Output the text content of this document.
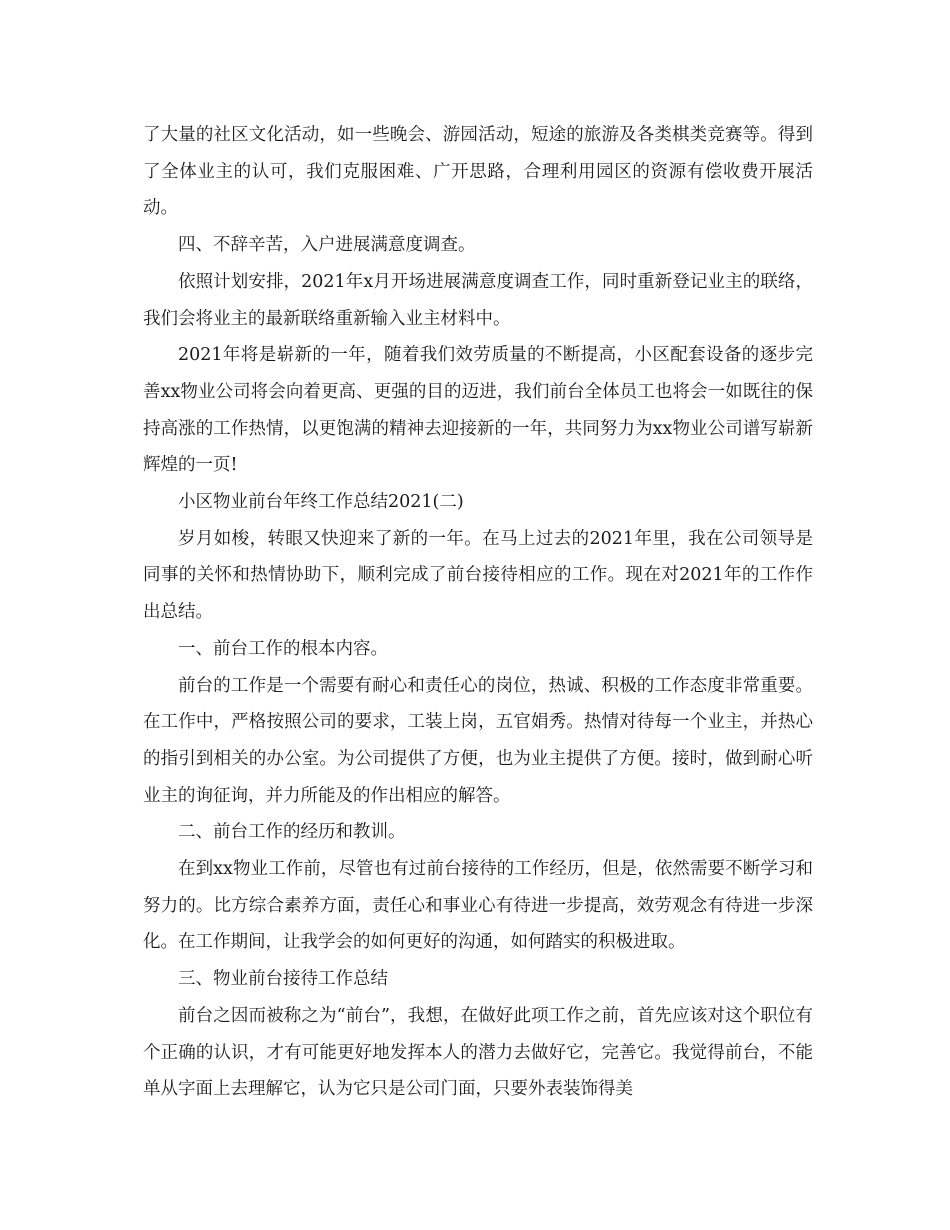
了大量的社区文化活动，如一些晚会、游园活动，短途的旅游及各类棋类竞赛等。得到了全体业主的认可，我们克服困难、广开思路，合理利用园区的资源有偿收费开展活动。

四、不辞辛苦，入户进展满意度调查。

依照计划安排，2021年x月开场进展满意度调查工作，同时重新登记业主的联络，我们会将业主的最新联络重新输入业主材料中。

2021年将是崭新的一年，随着我们效劳质量的不断提高，小区配套设备的逐步完善xx物业公司将会向着更高、更强的目的迈进，我们前台全体员工也将会一如既往的保持高涨的工作热情，以更饱满的精神去迎接新的一年，共同努力为xx物业公司谱写崭新辉煌的一页!

小区物业前台年终工作总结2021(二)

岁月如梭，转眼又快迎来了新的一年。在马上过去的2021年里，我在公司领导是同事的关怀和热情协助下，顺利完成了前台接待相应的工作。现在对2021年的工作作出总结。

一、前台工作的根本内容。

前台的工作是一个需要有耐心和责任心的岗位，热诚、积极的工作态度非常重要。在工作中，严格按照公司的要求，工装上岗，五官娟秀。热情对待每一个业主，并热心的指引到相关的办公室。为公司提供了方便，也为业主提供了方便。接时，做到耐心听业主的询征询，并力所能及的作出相应的解答。

二、前台工作的经历和教训。

在到xx物业工作前，尽管也有过前台接待的工作经历，但是，依然需要不断学习和努力的。比方综合素养方面，责任心和事业心有待进一步提高，效劳观念有待进一步深化。在工作期间，让我学会的如何更好的沟通，如何踏实的积极进取。

三、物业前台接待工作总结

前台之因而被称之为“前台”，我想，在做好此项工作之前，首先应该对这个职位有个正确的认识，才有可能更好地发挥本人的潜力去做好它，完善它。我觉得前台，不能单从字面上去理解它，认为它只是公司门面，只要外表装饰得美
